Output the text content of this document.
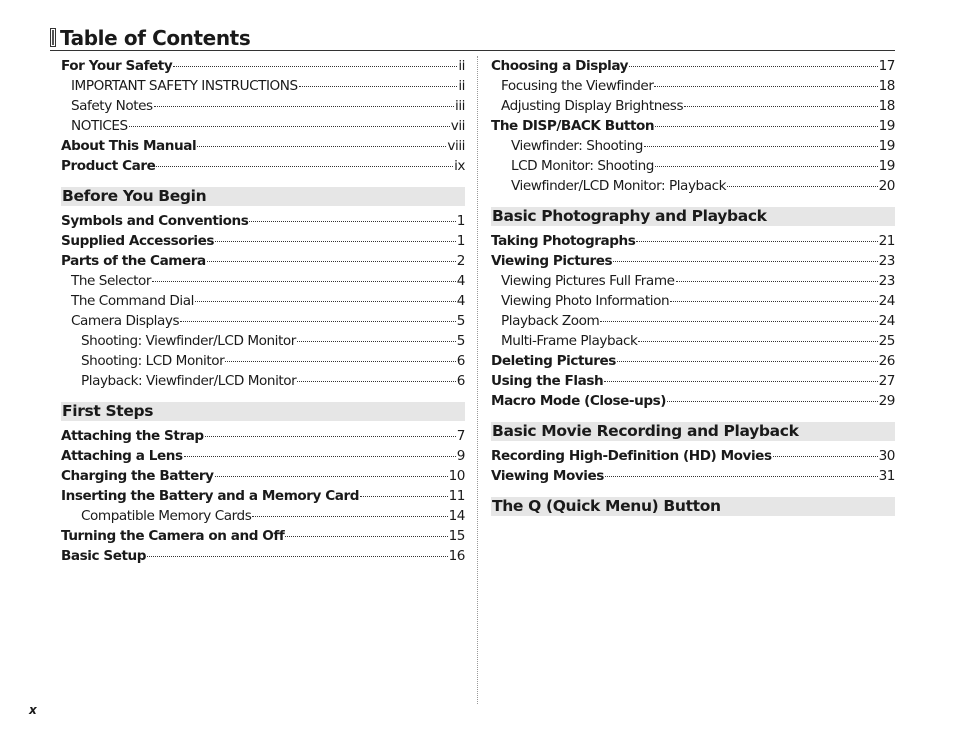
Table of Contents
For Your Safety	ii
IMPORTANT SAFETY INSTRUCTIONS	ii
Safety Notes	iii
NOTICES	vii
About This Manual	viii
Product Care	ix
Before You Begin
Symbols and Conventions	1
Supplied Accessories	1
Parts of the Camera	2
The Selector	4
The Command Dial	4
Camera Displays	5
Shooting: Viewfinder/LCD Monitor	5
Shooting: LCD Monitor	6
Playback: Viewfinder/LCD Monitor	6
First Steps
Attaching the Strap	7
Attaching a Lens	9
Charging the Battery	10
Inserting the Battery and a Memory Card	11
Compatible Memory Cards	14
Turning the Camera on and Off	15
Basic Setup	16
Choosing a Display	17
Focusing the Viewfinder	18
Adjusting Display Brightness	18
The DISP/BACK Button	19
Viewfinder: Shooting	19
LCD Monitor: Shooting	19
Viewfinder/LCD Monitor: Playback	20
Basic Photography and Playback
Taking Photographs	21
Viewing Pictures	23
Viewing Pictures Full Frame	23
Viewing Photo Information	24
Playback Zoom	24
Multi-Frame Playback	25
Deleting Pictures	26
Using the Flash	27
Macro Mode (Close-ups)	29
Basic Movie Recording and Playback
Recording High-Definition (HD) Movies	30
Viewing Movies	31
The Q (Quick Menu) Button
x
